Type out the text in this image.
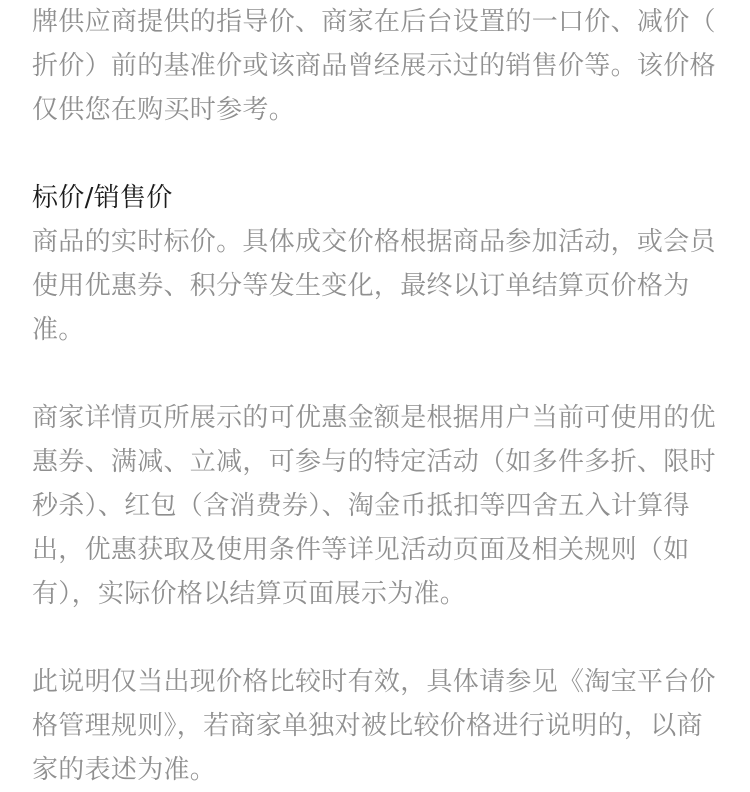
牌供应商提供的指导价、商家在后台设置的一口价、减价（
折价）前的基准价或该商品曾经展示过的销售价等。该价格
仅供您在购买时参考。
标价/销售价
商品的实时标价。具体成交价格根据商品参加活动，或会员
使用优惠券、积分等发生变化，最终以订单结算页价格为
准。
商家详情页所展示的可优惠金额是根据用户当前可使用的优
惠券、满减、立减，可参与的特定活动（如多件多折、限时
秒杀）、红包（含消费券）、淘金币抵扣等四舍五入计算得
出，优惠获取及使用条件等详见活动页面及相关规则（如
有），实际价格以结算页面展示为准。
此说明仅当出现价格比较时有效，具体请参见《淘宝平台价
格管理规则》，若商家单独对被比较价格进行说明的，以商
家的表述为准。
